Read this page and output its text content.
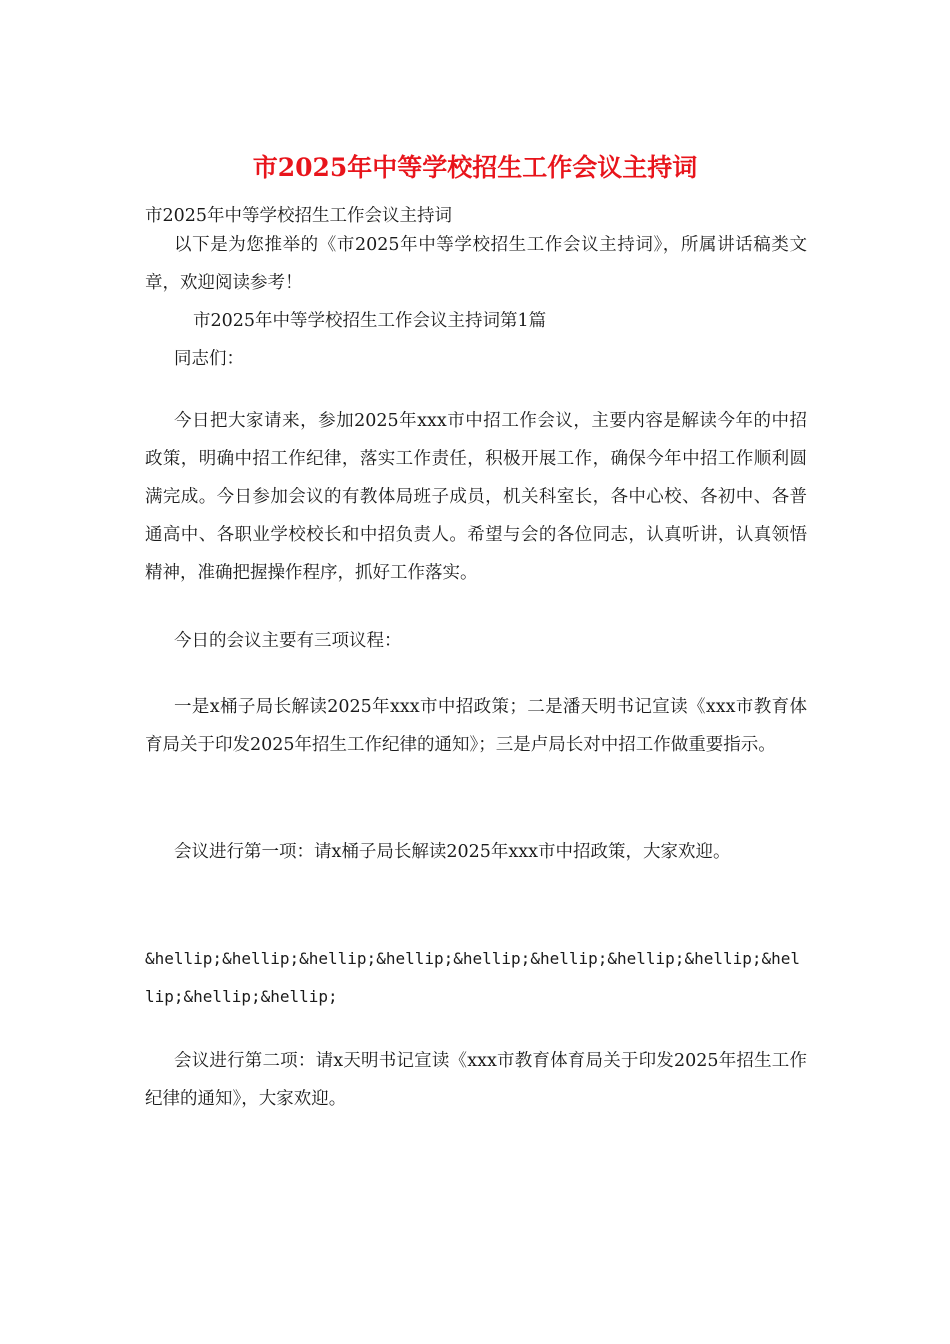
市2025年中等学校招生工作会议主持词

市2025年中等学校招生工作会议主持词

以下是为您推举的《市2025年中等学校招生工作会议主持词》，所属讲话稿类文章，欢迎阅读参考！

市2025年中等学校招生工作会议主持词第1篇

同志们：

今日把大家请来，参加2025年xxx市中招工作会议，主要内容是解读今年的中招政策，明确中招工作纪律，落实工作责任，积极开展工作，确保今年中招工作顺利圆满完成。今日参加会议的有教体局班子成员，机关科室长，各中心校、各初中、各普通高中、各职业学校校长和中招负责人。希望与会的各位同志，认真听讲，认真领悟精神，准确把握操作程序，抓好工作落实。

今日的会议主要有三项议程：

一是x桶子局长解读2025年xxx市中招政策；二是潘天明书记宣读《xxx市教育体育局关于印发2025年招生工作纪律的通知》；三是卢局长对中招工作做重要指示。

会议进行第一项：请x桶子局长解读2025年xxx市中招政策，大家欢迎。

&hellip;&hellip;&hellip;&hellip;&hellip;&hellip;&hellip;&hellip;&hellip;&hellip;&hellip;

会议进行第二项：请x天明书记宣读《xxx市教育体育局关于印发2025年招生工作纪律的通知》，大家欢迎。
